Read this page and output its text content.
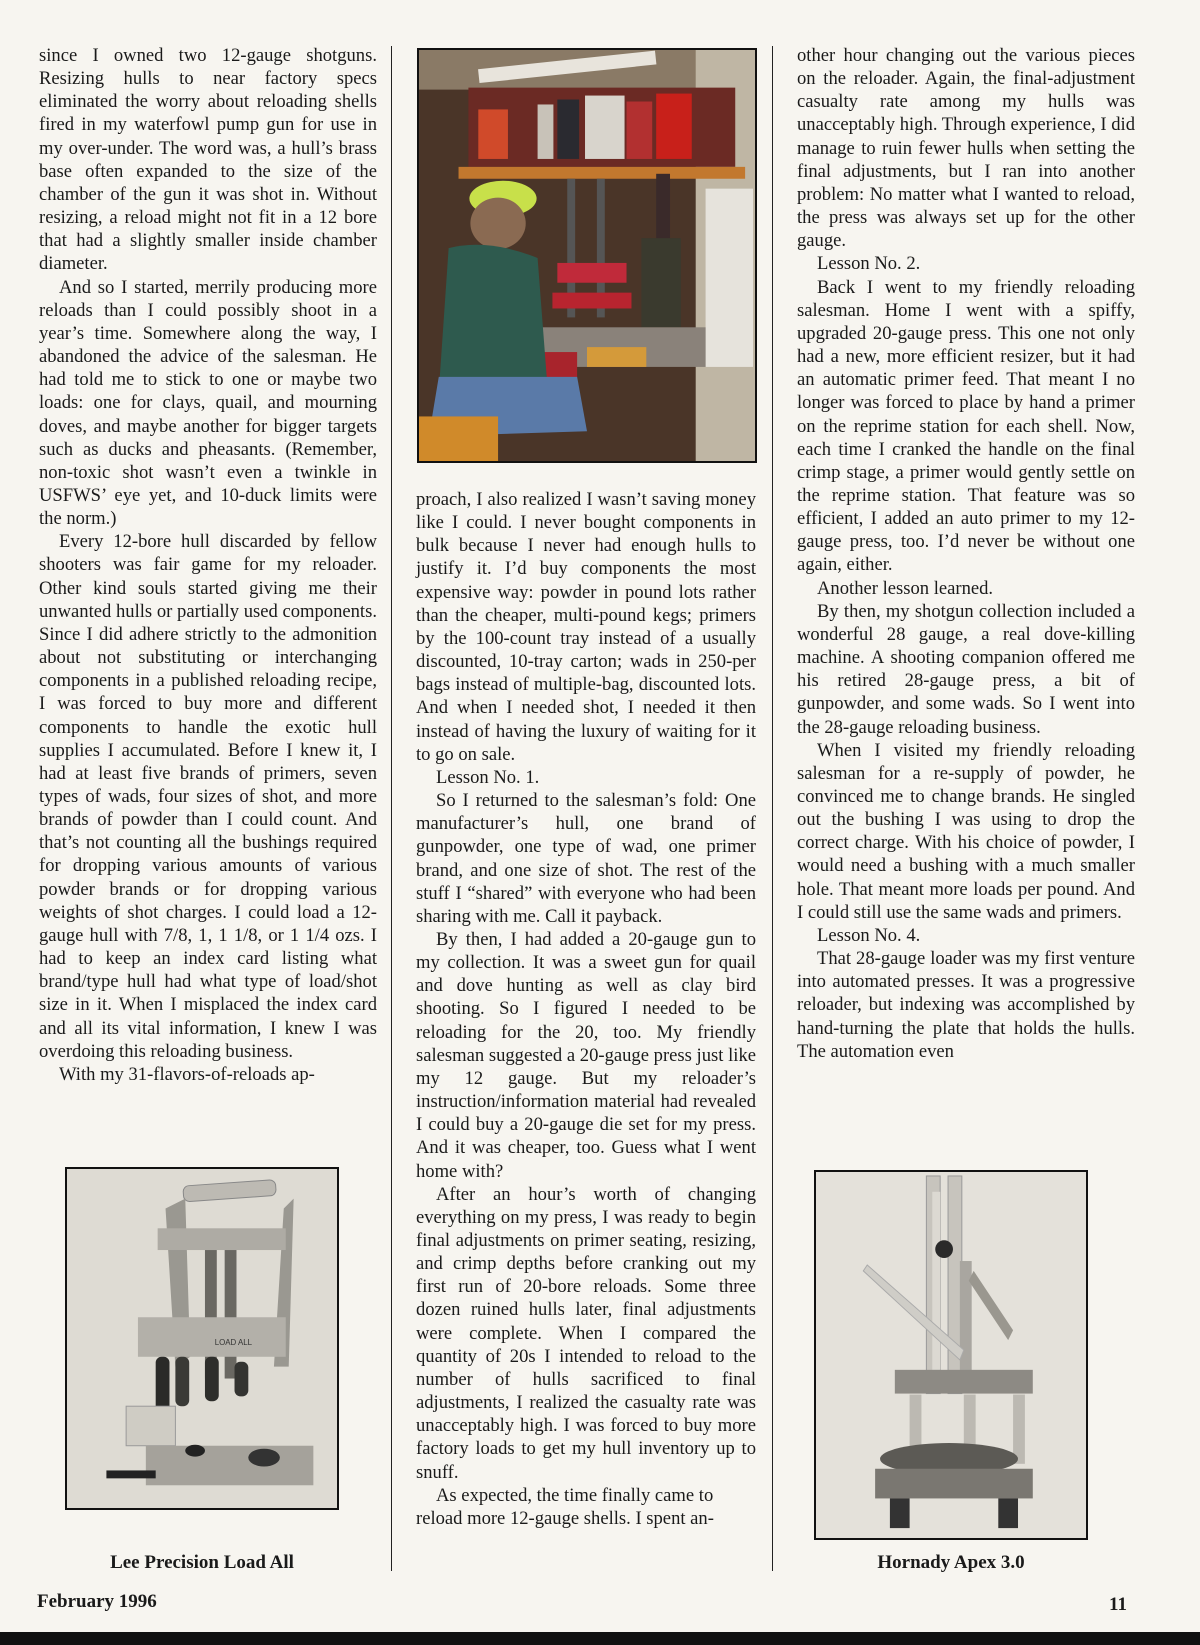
since I owned two 12-gauge shotguns. Resizing hulls to near factory specs eliminated the worry about reloading shells fired in my waterfowl pump gun for use in my over-under. The word was, a hull’s brass base often expanded to the size of the chamber of the gun it was shot in. Without resizing, a reload might not fit in a 12 bore that had a slightly smaller inside chamber diameter.

And so I started, merrily producing more reloads than I could possibly shoot in a year’s time. Somewhere along the way, I abandoned the advice of the salesman. He had told me to stick to one or maybe two loads: one for clays, quail, and mourning doves, and maybe another for bigger targets such as ducks and pheasants. (Remember, non-toxic shot wasn’t even a twinkle in USFWS’ eye yet, and 10-duck limits were the norm.)

Every 12-bore hull discarded by fellow shooters was fair game for my reloader. Other kind souls started giving me their unwanted hulls or partially used components. Since I did adhere strictly to the admonition about not substituting or interchanging components in a published reloading recipe, I was forced to buy more and different components to handle the exotic hull supplies I accumulated. Before I knew it, I had at least five brands of primers, seven types of wads, four sizes of shot, and more brands of powder than I could count. And that’s not counting all the bushings required for dropping various amounts of various powder brands or for dropping various weights of shot charges. I could load a 12-gauge hull with 7/8, 1, 1 1/8, or 1 1/4 ozs. I had to keep an index card listing what brand/type hull had what type of load/shot size in it. When I misplaced the index card and all its vital information, I knew I was overdoing this reloading business.

With my 31-flavors-of-reloads ap-

proach, I also realized I wasn’t saving money like I could. I never bought components in bulk because I never had enough hulls to justify it. I’d buy components the most expensive way: powder in pound lots rather than the cheaper, multi-pound kegs; primers by the 100-count tray instead of a usually discounted, 10-tray carton; wads in 250-per bags instead of multiple-bag, discounted lots. And when I needed shot, I needed it then instead of having the luxury of waiting for it to go on sale.

Lesson No. 1.

So I returned to the salesman’s fold: One manufacturer’s hull, one brand of gunpowder, one type of wad, one primer brand, and one size of shot. The rest of the stuff I “shared” with everyone who had been sharing with me. Call it payback.

By then, I had added a 20-gauge gun to my collection. It was a sweet gun for quail and dove hunting as well as clay bird shooting. So I figured I needed to be reloading for the 20, too. My friendly salesman suggested a 20-gauge press just like my 12 gauge. But my reloader’s instruction/information material had revealed I could buy a 20-gauge die set for my press. And it was cheaper, too. Guess what I went home with?

After an hour’s worth of changing everything on my press, I was ready to begin final adjustments on primer seating, resizing, and crimp depths before cranking out my first run of 20-bore reloads. Some three dozen ruined hulls later, final adjustments were complete. When I compared the quantity of 20s I intended to reload to the number of hulls sacrificed to final adjustments, I realized the casualty rate was unacceptably high. I was forced to buy more factory loads to get my hull inventory up to snuff.

As expected, the time finally came to reload more 12-gauge shells. I spent an-

other hour changing out the various pieces on the reloader. Again, the final-adjustment casualty rate among my hulls was unacceptably high. Through experience, I did manage to ruin fewer hulls when setting the final adjustments, but I ran into another problem: No matter what I wanted to reload, the press was always set up for the other gauge.

Lesson No. 2.

Back I went to my friendly reloading salesman. Home I went with a spiffy, upgraded 20-gauge press. This one not only had a new, more efficient resizer, but it had an automatic primer feed. That meant I no longer was forced to place by hand a primer on the reprime station for each shell. Now, each time I cranked the handle on the final crimp stage, a primer would gently settle on the reprime station. That feature was so efficient, I added an auto primer to my 12-gauge press, too. I’d never be without one again, either.

Another lesson learned.

By then, my shotgun collection included a wonderful 28 gauge, a real dove-killing machine. A shooting companion offered me his retired 28-gauge press, a bit of gunpowder, and some wads. So I went into the 28-gauge reloading business.

When I visited my friendly reloading salesman for a re-supply of powder, he convinced me to change brands. He singled out the bushing I was using to drop the correct charge. With his choice of powder, I would need a bushing with a much smaller hole. That meant more loads per pound. And I could still use the same wads and primers.

Lesson No. 4.

That 28-gauge loader was my first venture into automated presses. It was a progressive reloader, but indexing was accomplished by hand-turning the plate that holds the hulls. The automation even

LOAD ALL
Lee Precision Load All	Hornady Apex 3.0
February 1996	11
